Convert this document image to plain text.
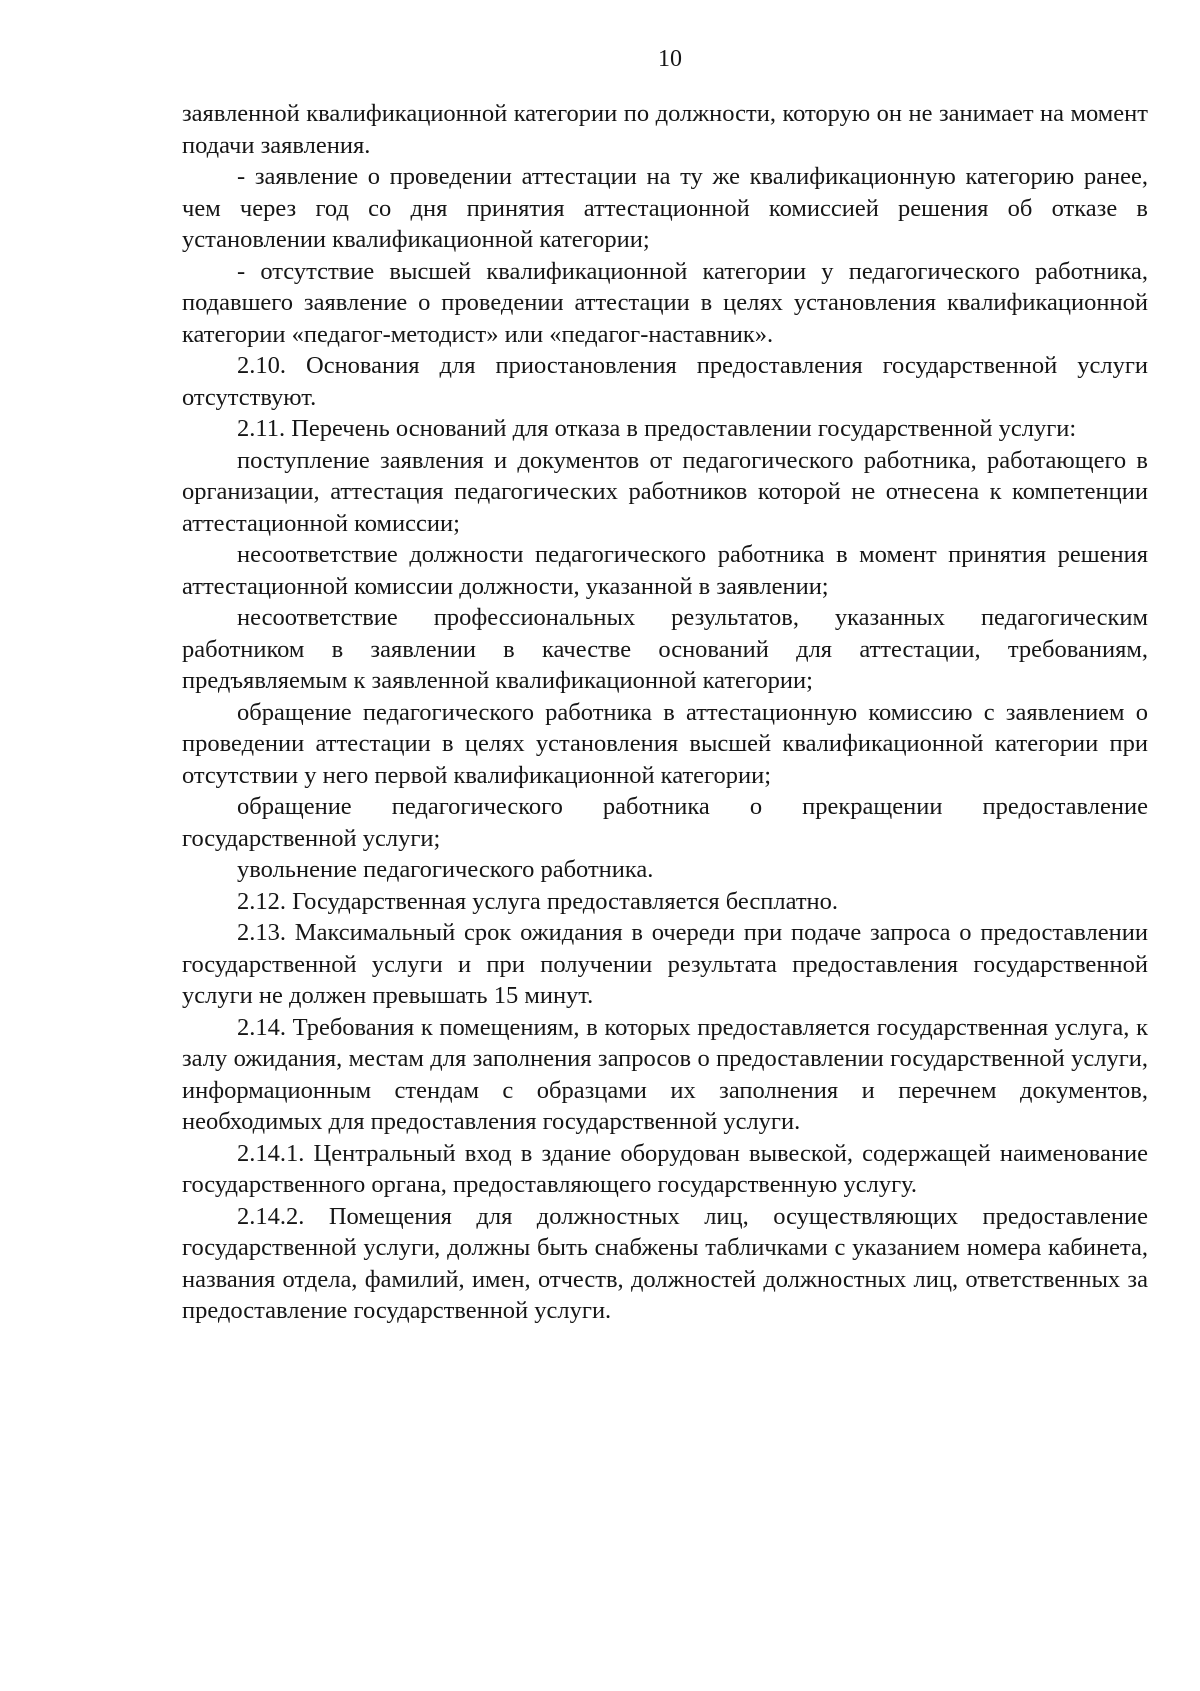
10

заявленной квалификационной категории по должности, которую он не занимает на момент подачи заявления.

- заявление о проведении аттестации на ту же квалификационную категорию ранее, чем через год со дня принятия аттестационной комиссией решения об отказе в установлении квалификационной категории;

- отсутствие высшей квалификационной категории у педагогического работника, подавшего заявление о проведении аттестации в целях установления квалификационной категории «педагог-методист» или «педагог-наставник».

2.10. Основания для приостановления предоставления государственной услуги отсутствуют.

2.11. Перечень оснований для отказа в предоставлении государственной услуги:

поступление заявления и документов от педагогического работника, работающего в организации, аттестация педагогических работников которой не отнесена к компетенции аттестационной комиссии;

несоответствие должности педагогического работника в момент принятия решения аттестационной комиссии должности, указанной в заявлении;

несоответствие профессиональных результатов, указанных педагогическим работником в заявлении в качестве оснований для аттестации, требованиям, предъявляемым к заявленной квалификационной категории;

обращение педагогического работника в аттестационную комиссию с заявлением о проведении аттестации в целях установления высшей квалификационной категории при отсутствии у него первой квалификационной категории;

обращение педагогического работника о прекращении предоставление государственной услуги;

увольнение педагогического работника.

2.12. Государственная услуга предоставляется бесплатно.

2.13. Максимальный срок ожидания в очереди при подаче запроса о предоставлении государственной услуги и при получении результата предоставления государственной услуги не должен превышать 15 минут.

2.14. Требования к помещениям, в которых предоставляется государственная услуга, к залу ожидания, местам для заполнения запросов о предоставлении государственной услуги, информационным стендам с образцами их заполнения и перечнем документов, необходимых для предоставления государственной услуги.

2.14.1. Центральный вход в здание оборудован вывеской, содержащей наименование государственного органа, предоставляющего государственную услугу.

2.14.2. Помещения для должностных лиц, осуществляющих предоставление государственной услуги, должны быть снабжены табличками с указанием номера кабинета, названия отдела, фамилий, имен, отчеств, должностей должностных лиц, ответственных за предоставление государственной услуги.
